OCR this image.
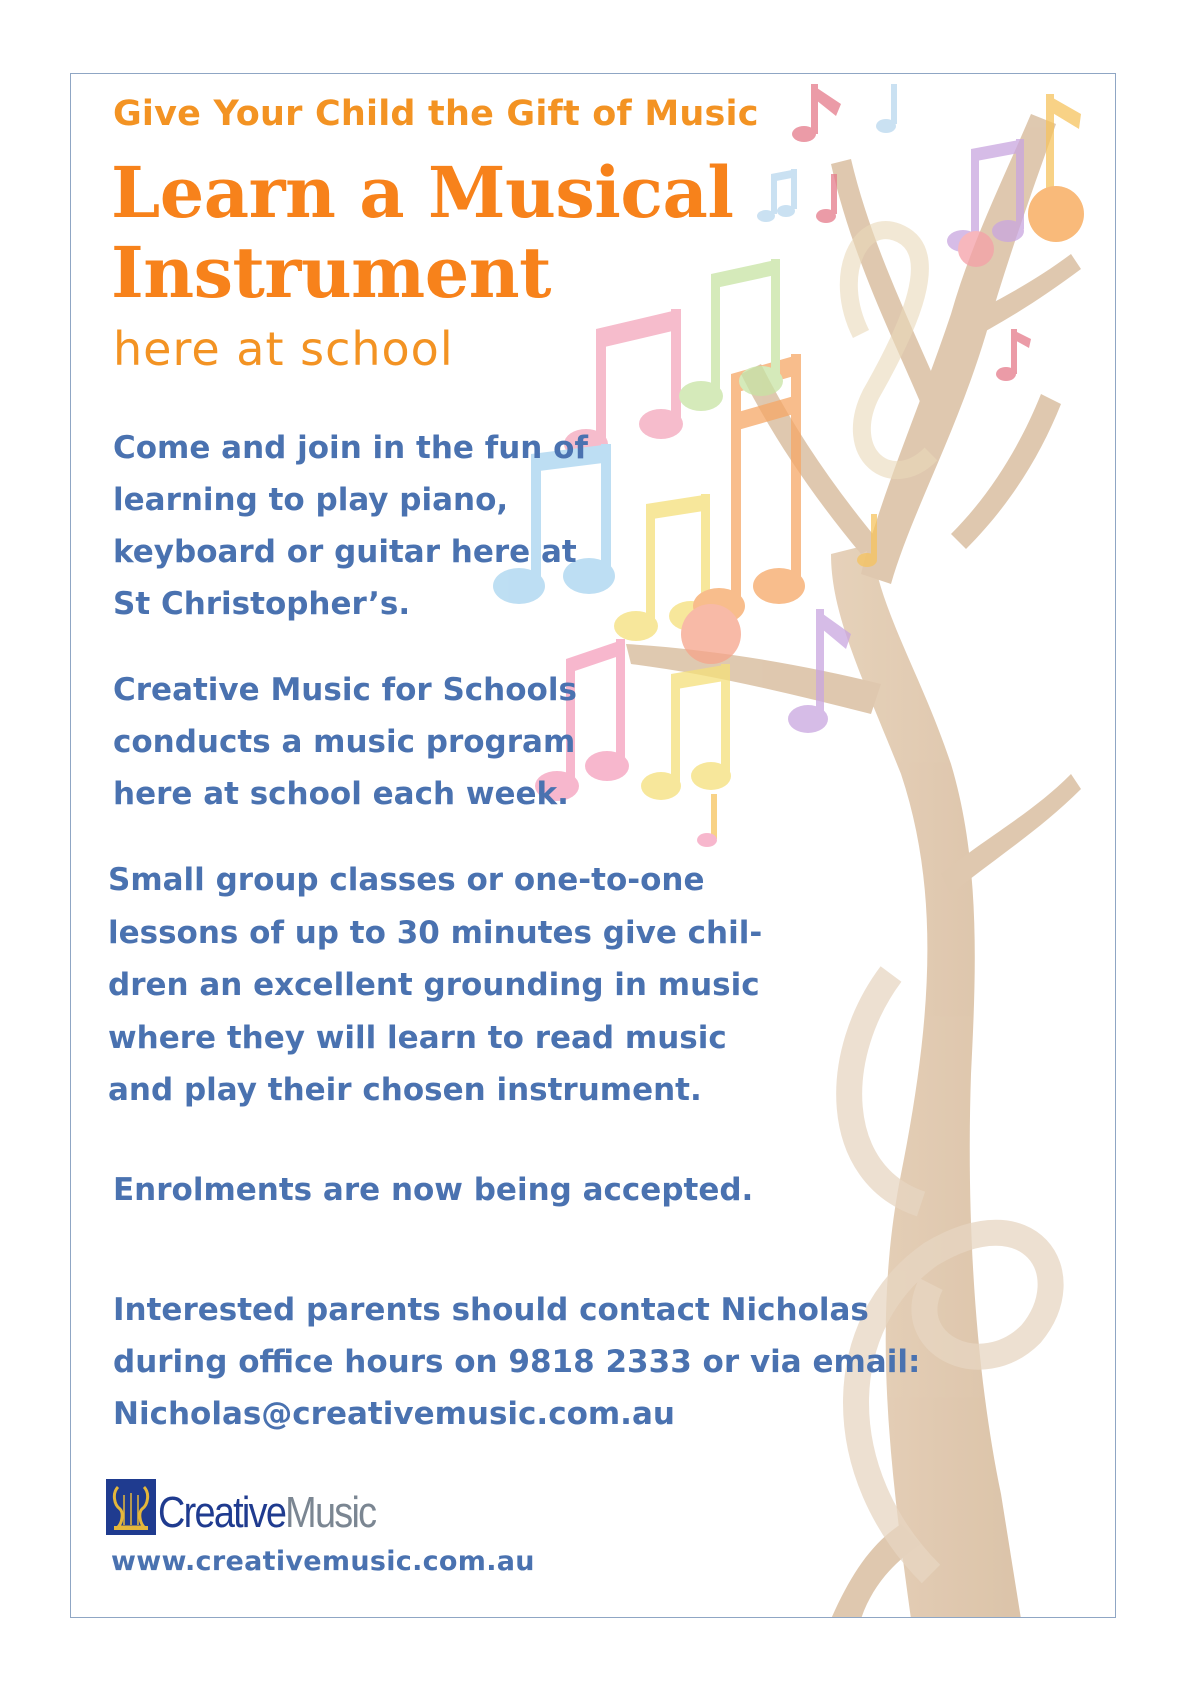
Give Your Child the Gift of Music

Learn a Musical

Instrument

here at school

Come and join in the fun of
learning to play piano,
keyboard or guitar here at
St Christopher’s.
Creative Music for Schools
conducts a music program
here at school each week.
Small group classes or one-to-one
lessons of up to 30 minutes give chil-
dren an excellent grounding in music
where they will learn to read music
and play their chosen instrument.
Enrolments are now being accepted.
Interested parents should contact Nicholas
during office hours on 9818 2333 or via email:
Nicholas@creativemusic.com.au
CreativeMusic

www.creativemusic.com.au
